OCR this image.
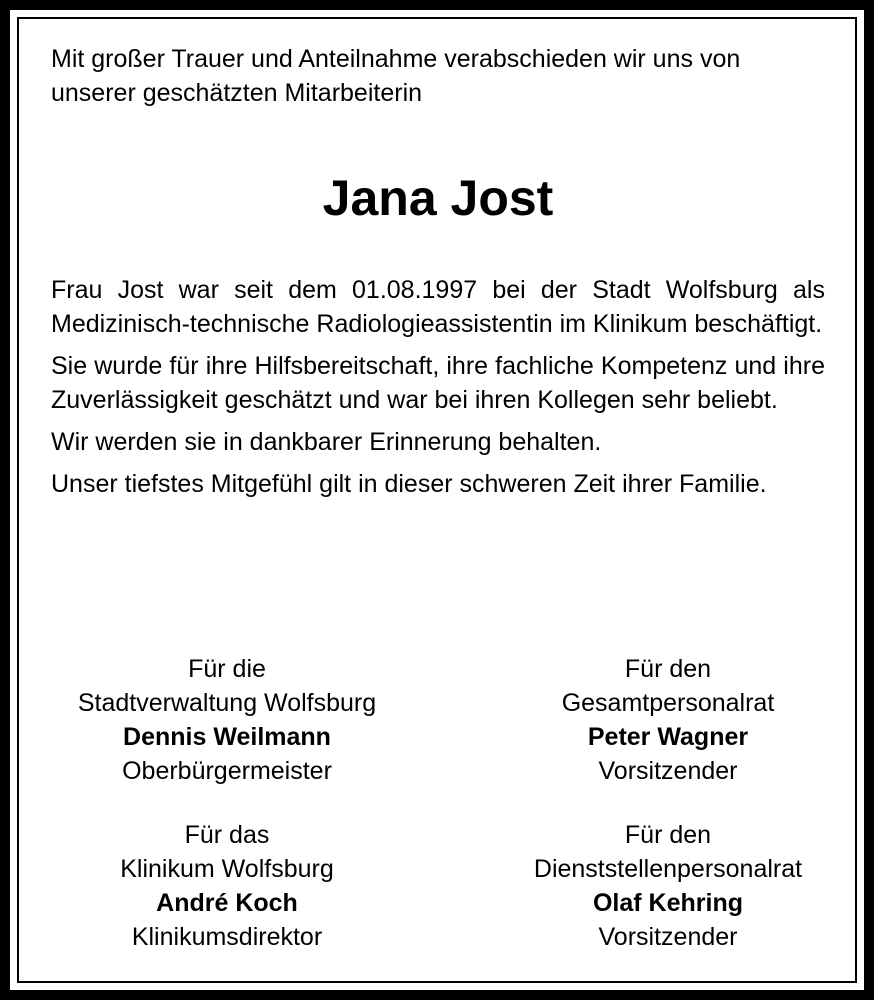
Mit großer Trauer und Anteilnahme verabschieden wir uns von unserer geschätzten Mitarbeiterin

Jana Jost

Frau Jost war seit dem 01.08.1997 bei der Stadt Wolfsburg als Medizinisch-technische Radiologieassistentin im Klinikum beschäftigt.

Sie wurde für ihre Hilfsbereitschaft, ihre fachliche Kompetenz und ihre Zuverlässigkeit geschätzt und war bei ihren Kollegen sehr beliebt.

Wir werden sie in dankbarer Erinnerung behalten.

Unser tiefstes Mitgefühl gilt in dieser schweren Zeit ihrer Familie.

Für die
Stadtverwaltung Wolfsburg
Dennis Weilmann
Oberbürgermeister
Für den
Gesamtpersonalrat
Peter Wagner
Vorsitzender
Für das
Klinikum Wolfsburg
André Koch
Klinikumsdirektor
Für den
Dienststellenpersonalrat
Olaf Kehring
Vorsitzender
